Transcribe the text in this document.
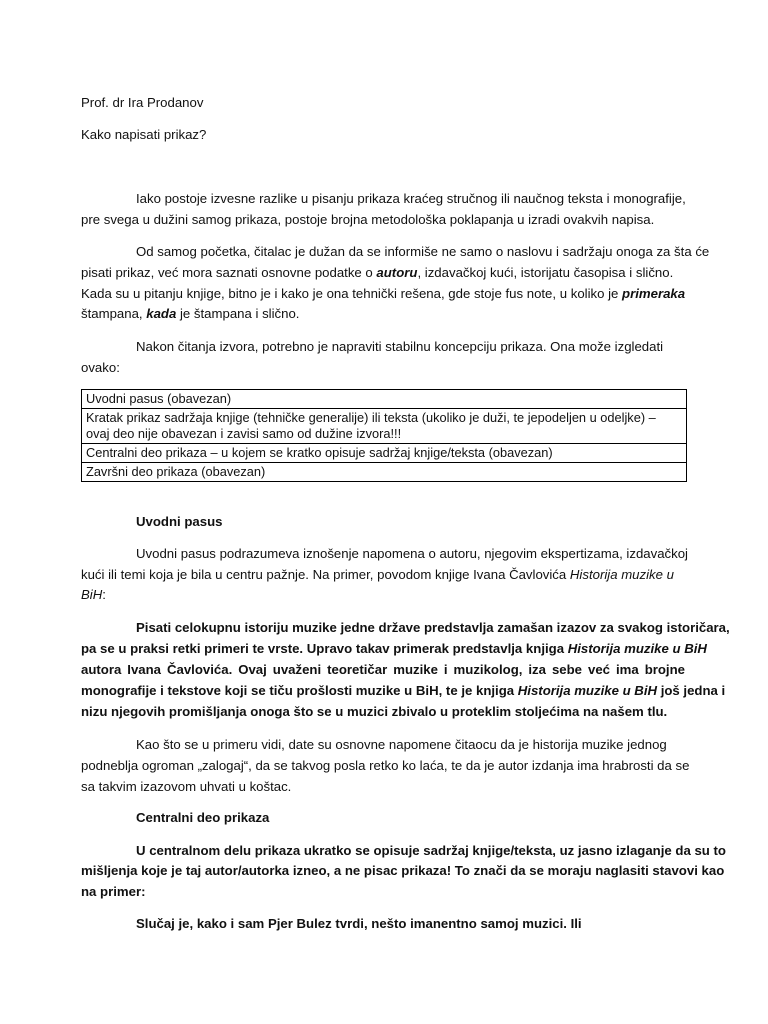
Prof. dr Ira Prodanov
Kako napisati prikaz?
Iako postoje izvesne razlike u pisanju prikaza kraćeg stručnog ili naučnog teksta i monografije,
pre svega u dužini samog prikaza, postoje brojna metodološka poklapanja u izradi ovakvih napisa.
Od samog početka, čitalac je dužan da se informiše ne samo o naslovu i sadržaju onoga za šta će
pisati prikaz, već mora saznati osnovne podatke o autoru, izdavačkoj kući, istorijatu časopisa i slično.
Kada su u pitanju knjige, bitno je i kako je ona tehnički rešena, gde stoje fus note, u koliko je primeraka
štampana, kada je štampana i slično.
Nakon čitanja izvora, potrebno je napraviti stabilnu koncepciju prikaza. Ona može izgledati
ovako:
Uvodni pasus (obavezan)

Kratak prikaz sadržaja knjige (tehničke generalije) ili teksta (ukoliko je duži, te jepodeljen u odeljke) –
ovaj deo nije obavezan i zavisi samo od dužine izvora!!!

Centralni deo prikaza – u kojem se kratko opisuje sadržaj knjige/teksta (obavezan)
Završni deo prikaza (obavezan)
Uvodni pasus
Uvodni pasus podrazumeva iznošenje napomena o autoru, njegovim ekspertizama, izdavačkoj
kući ili temi koja je bila u centru pažnje. Na primer, povodom knjige Ivana Čavlovića Historija muzike u
BiH:
Pisati celokupnu istoriju muzike jedne države predstavlja zamašan izazov za svakog istoričara,
pa se u praksi retki primeri te vrste. Upravo takav primerak predstavlja knjiga Historija muzike u BiH
autora Ivana Čavlovića. Ovaj uvaženi teoretičar muzike i muzikolog, iza sebe već ima brojne
monografije i tekstove koji se tiču prošlosti muzike u BiH, te je knjiga Historija muzike u BiH još jedna i
nizu njegovih promišljanja onoga što se u muzici zbivalo u proteklim stoljećima na našem tlu.
Kao što se u primeru vidi, date su osnovne napomene čitaocu da je historija muzike jednog
podneblja ogroman „zalogaj“, da se takvog posla retko ko laća, te da je autor izdanja ima hrabrosti da se
sa takvim izazovom uhvati u koštac.
Centralni deo prikaza
U centralnom delu prikaza ukratko se opisuje sadržaj knjige/teksta, uz jasno izlaganje da su to
mišljenja koje je taj autor/autorka izneo, a ne pisac prikaza! To znači da se moraju naglasiti stavovi kao
na primer:
Slučaj je, kako i sam Pjer Bulez tvrdi, nešto imanentno samoj muzici. Ili
